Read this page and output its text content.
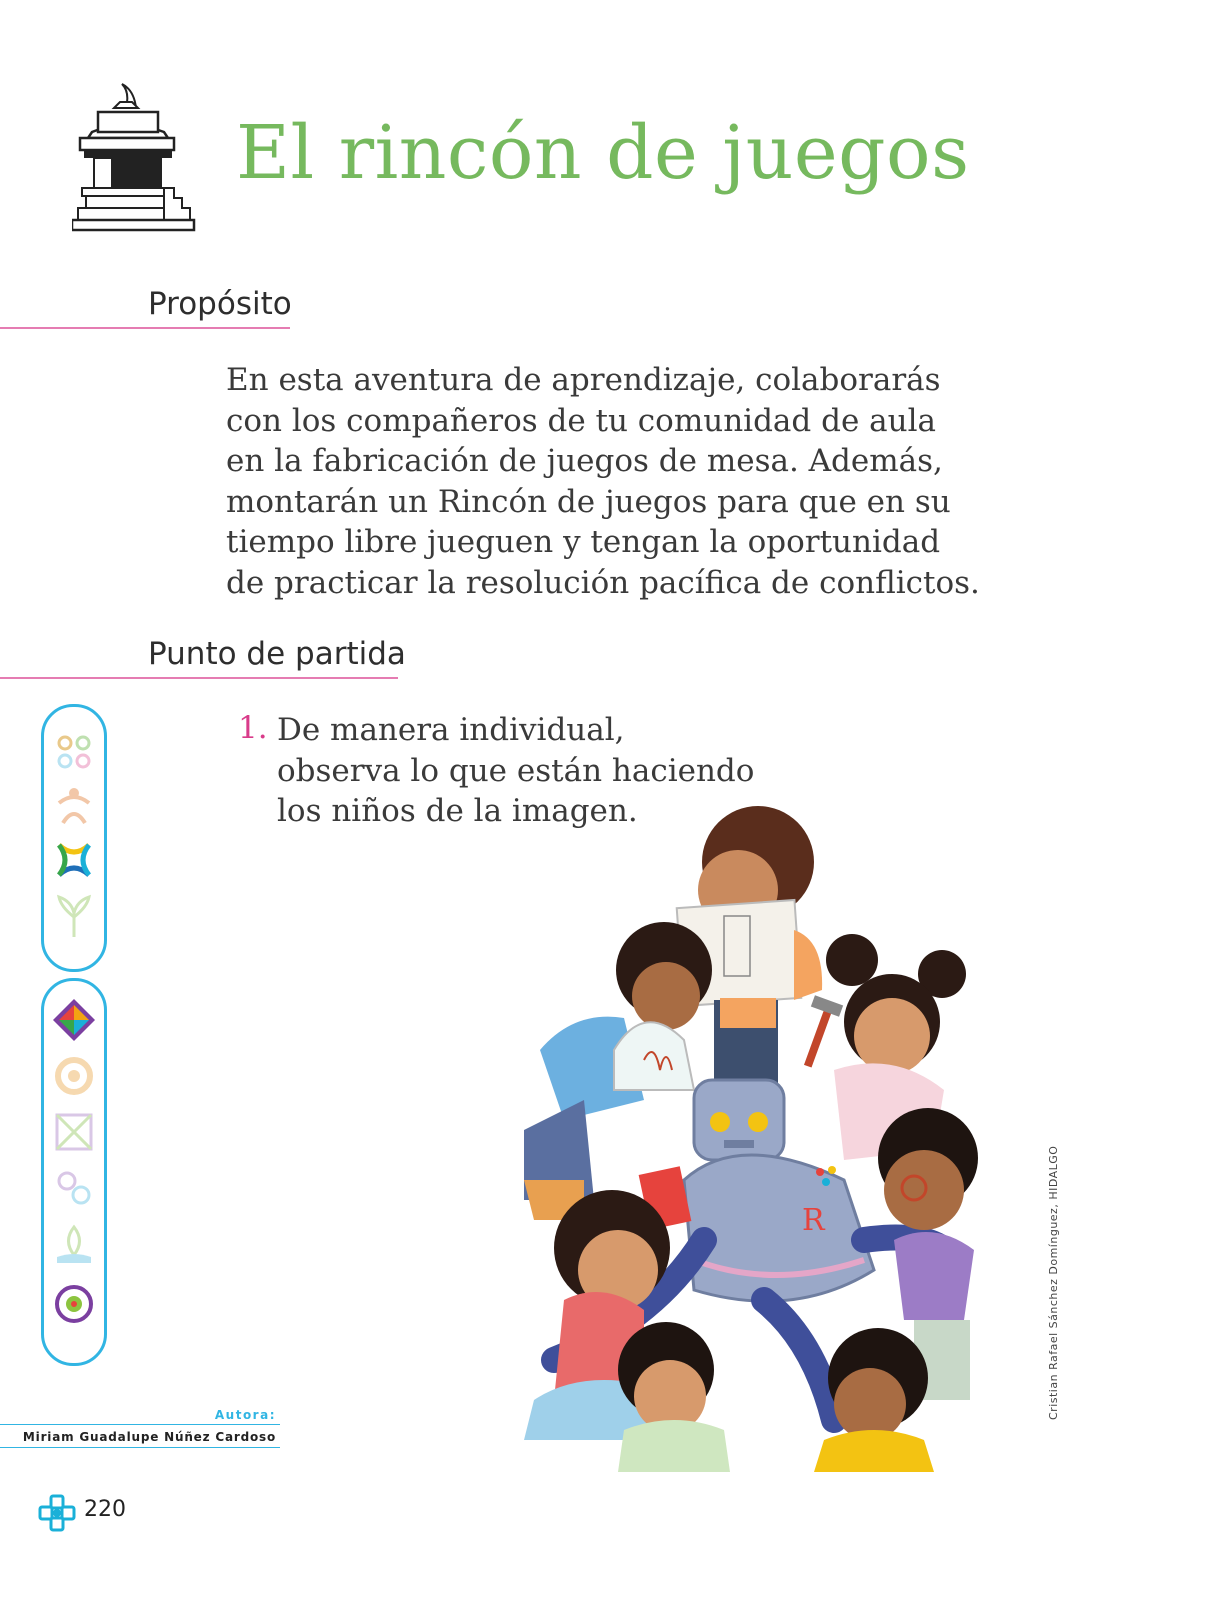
El rincón de juegos
Propósito
En esta aventura de aprendizaje, colaborarás
con los compañeros de tu comunidad de aula
en la fabricación de juegos de mesa. Además,
montarán un Rincón de juegos para que en su
tiempo libre jueguen y tengan la oportunidad
de practicar la resolución pacífica de conflictos.
Punto de partida
1. De manera individual,
observa lo que están haciendo
los niños de la imagen.
Autora:
Miriam Guadalupe Núñez Cardoso
220
R	Cristian Rafael Sánchez Domínguez, HIDALGO
